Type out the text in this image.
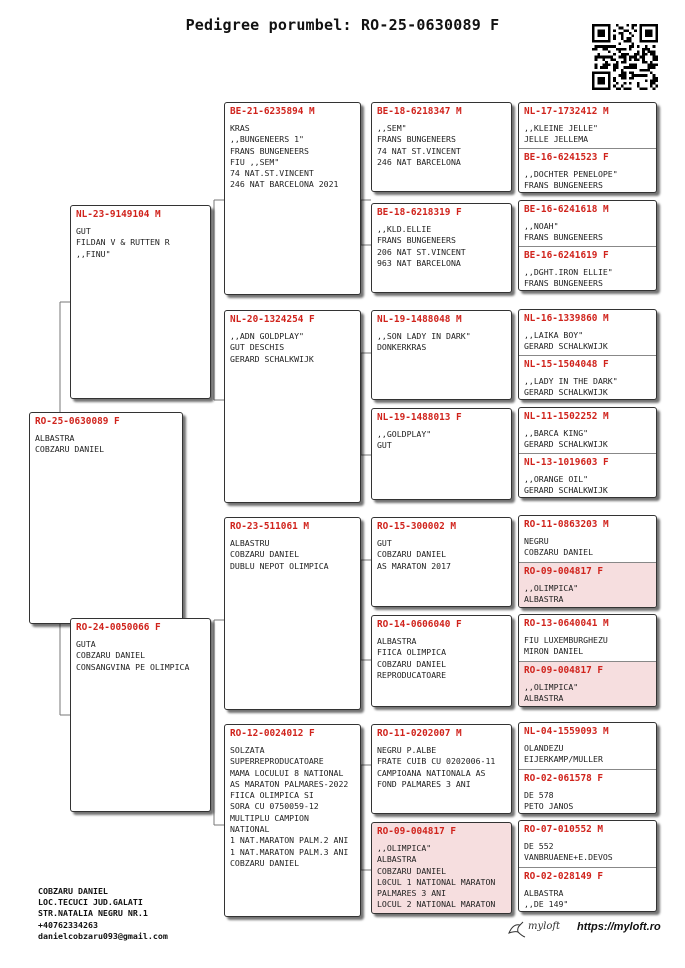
Pedigree porumbel: RO-25-0630089 F
RO-25-0630089 F
ALBASTRA
COBZARU DANIEL
NL-23-9149104 M
GUT
FILDAN V & RUTTEN R
,,FINU"
RO-24-0050066 F
GUTA
COBZARU DANIEL
CONSANGVINA PE OLIMPICA
BE-21-6235894 M
KRAS
,,BUNGENEERS 1"
FRANS BUNGENEERS
FIU ,,SEM"
74 NAT.ST.VINCENT
246 NAT BARCELONA 2021
NL-20-1324254 F
,,ADN GOLDPLAY"
GUT DESCHIS
GERARD SCHALKWIJK
RO-23-511061 M
ALBASTRU
COBZARU DANIEL
DUBLU NEPOT OLIMPICA
RO-12-0024012 F
SOLZATA
SUPERREPRODUCATOARE
MAMA LOCULUI 8 NATIONAL
AS MARATON PALMARES-2022
FIICA OLIMPICA SI
SORA CU 0750059-12
MULTIPLU CAMPION
NATIONAL
1 NAT.MARATON PALM.2 ANI
1 NAT.MARATON PALM.3 ANI
COBZARU DANIEL
BE-18-6218347 M
,,SEM"
FRANS BUNGENEERS
74 NAT ST.VINCENT
246 NAT BARCELONA
BE-18-6218319 F
,,KLD.ELLIE
FRANS BUNGENEERS
206 NAT ST.VINCENT
963 NAT BARCELONA
NL-19-1488048 M
,,SON LADY IN DARK"
DONKERKRAS
NL-19-1488013 F
,,GOLDPLAY"
GUT
RO-15-300002 M
GUT
COBZARU DANIEL
AS MARATON 2017
RO-14-0606040 F
ALBASTRA
FIICA OLIMPICA
COBZARU DANIEL
REPRODUCATOARE
RO-11-0202007 M
NEGRU P.ALBE
FRATE CUIB CU 0202006-11
CAMPIOANA NATIONALA AS
FOND PALMARES 3 ANI
RO-09-004817 F
,,OLIMPICA"
ALBASTRA
COBZARU DANIEL
L0CUL 1 NATIONAL MARATON
PALMARES 3 ANI
LOCUL 2 NATIONAL MARATON
NL-17-1732412 M
,,KLEINE JELLE"
JELLE JELLEMA
BE-16-6241523 F
,,DOCHTER PENELOPE"
FRANS BUNGENEERS
BE-16-6241618 M
,,NOAH"
FRANS BUNGENEERS
BE-16-6241619 F
,,DGHT.IRON ELLIE"
FRANS BUNGENEERS
NL-16-1339860 M
,,LAIKA BOY"
GERARD SCHALKWIJK
NL-15-1504048 F
,,LADY IN THE DARK"
GERARD SCHALKWIJK
NL-11-1502252 M
,,BARCA KING"
GERARD SCHALKWIJK
NL-13-1019603 F
,,ORANGE OIL"
GERARD SCHALKWIJK
RO-11-0863203 M
NEGRU
COBZARU DANIEL
RO-09-004817 F
,,OLIMPICA"
ALBASTRA
RO-13-0640041 M
FIU LUXEMBURGHEZU
MIRON DANIEL
RO-09-004817 F
,,OLIMPICA"
ALBASTRA
NL-04-1559093 M
OLANDEZU
EIJERKAMP/MULLER
RO-02-061578 F
DE 578
PETO JANOS
RO-07-010552 M
DE 552
VANBRUAENE+E.DEVOS
RO-02-028149 F
ALBASTRA
,,DE 149"
COBZARU DANIEL
LOC.TECUCI JUD.GALATI
STR.NATALIA NEGRU NR.1
+40762334263
danielcobzaru093@gmail.com
myloft https://myloft.ro
